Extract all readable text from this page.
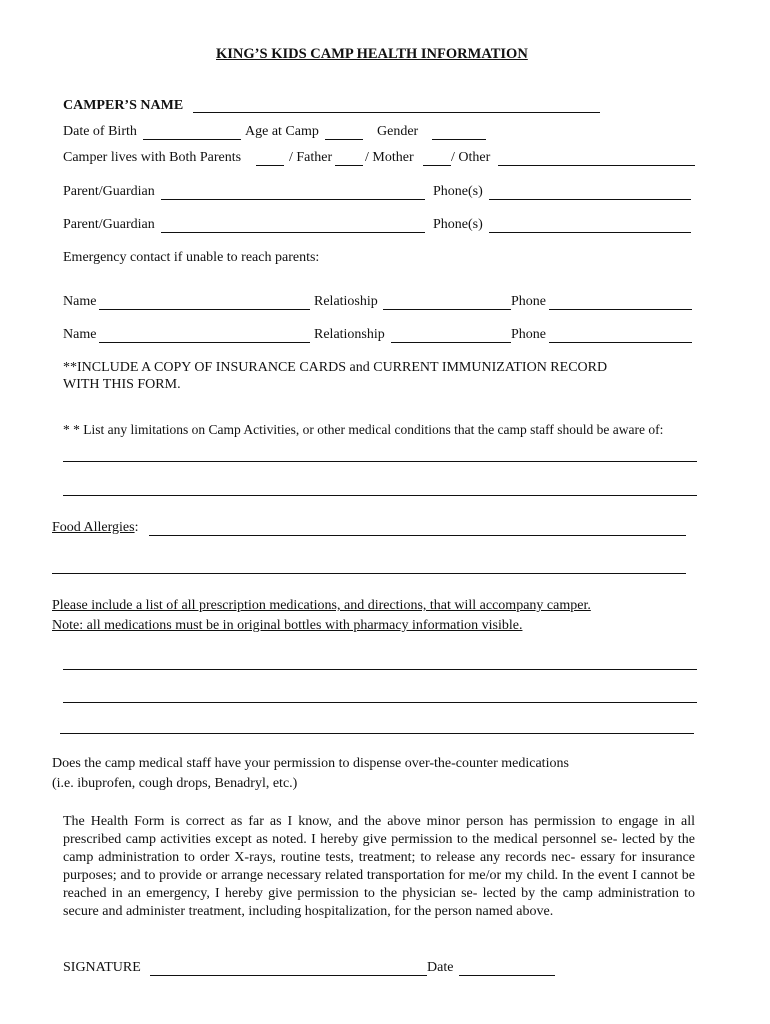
KING’S KIDS CAMP HEALTH INFORMATION
CAMPER’S NAME
Date of Birth	Age at Camp	Gender
Camper lives with Both Parents	/ Father / Mother	/ Other
Parent/Guardian	Phone(s)
Parent/Guardian	Phone(s)
Emergency contact if unable to reach parents:
Name	Relatioship	Phone
Name	Relationship	Phone
**INCLUDE A COPY OF INSURANCE CARDS and CURRENT IMMUNIZATION RECORD
WITH THIS FORM.
* * List any limitations on Camp Activities, or other medical conditions that the camp staff should be aware of:
Food Allergies:
Please include a list of all prescription medications, and directions, that will accompany camper.
Note: all medications must be in original bottles with pharmacy information visible.
Does the camp medical staff have your permission to dispense over-the-counter medications
(i.e. ibuprofen, cough drops, Benadryl, etc.)
The Health Form is correct as far as I know, and the above minor person has permission to engage in all prescribed camp activities except as noted. I hereby give permission to the medical personnel se- lected by the camp administration to order X-rays, routine tests, treatment; to release any records nec- essary for insurance purposes; and to provide or arrange necessary related transportation for me/or my child. In the event I cannot be reached in an emergency, I hereby give permission to the physician se- lected by the camp administration to secure and administer treatment, including hospitalization, for the person named above.
SIGNATURE	Date
